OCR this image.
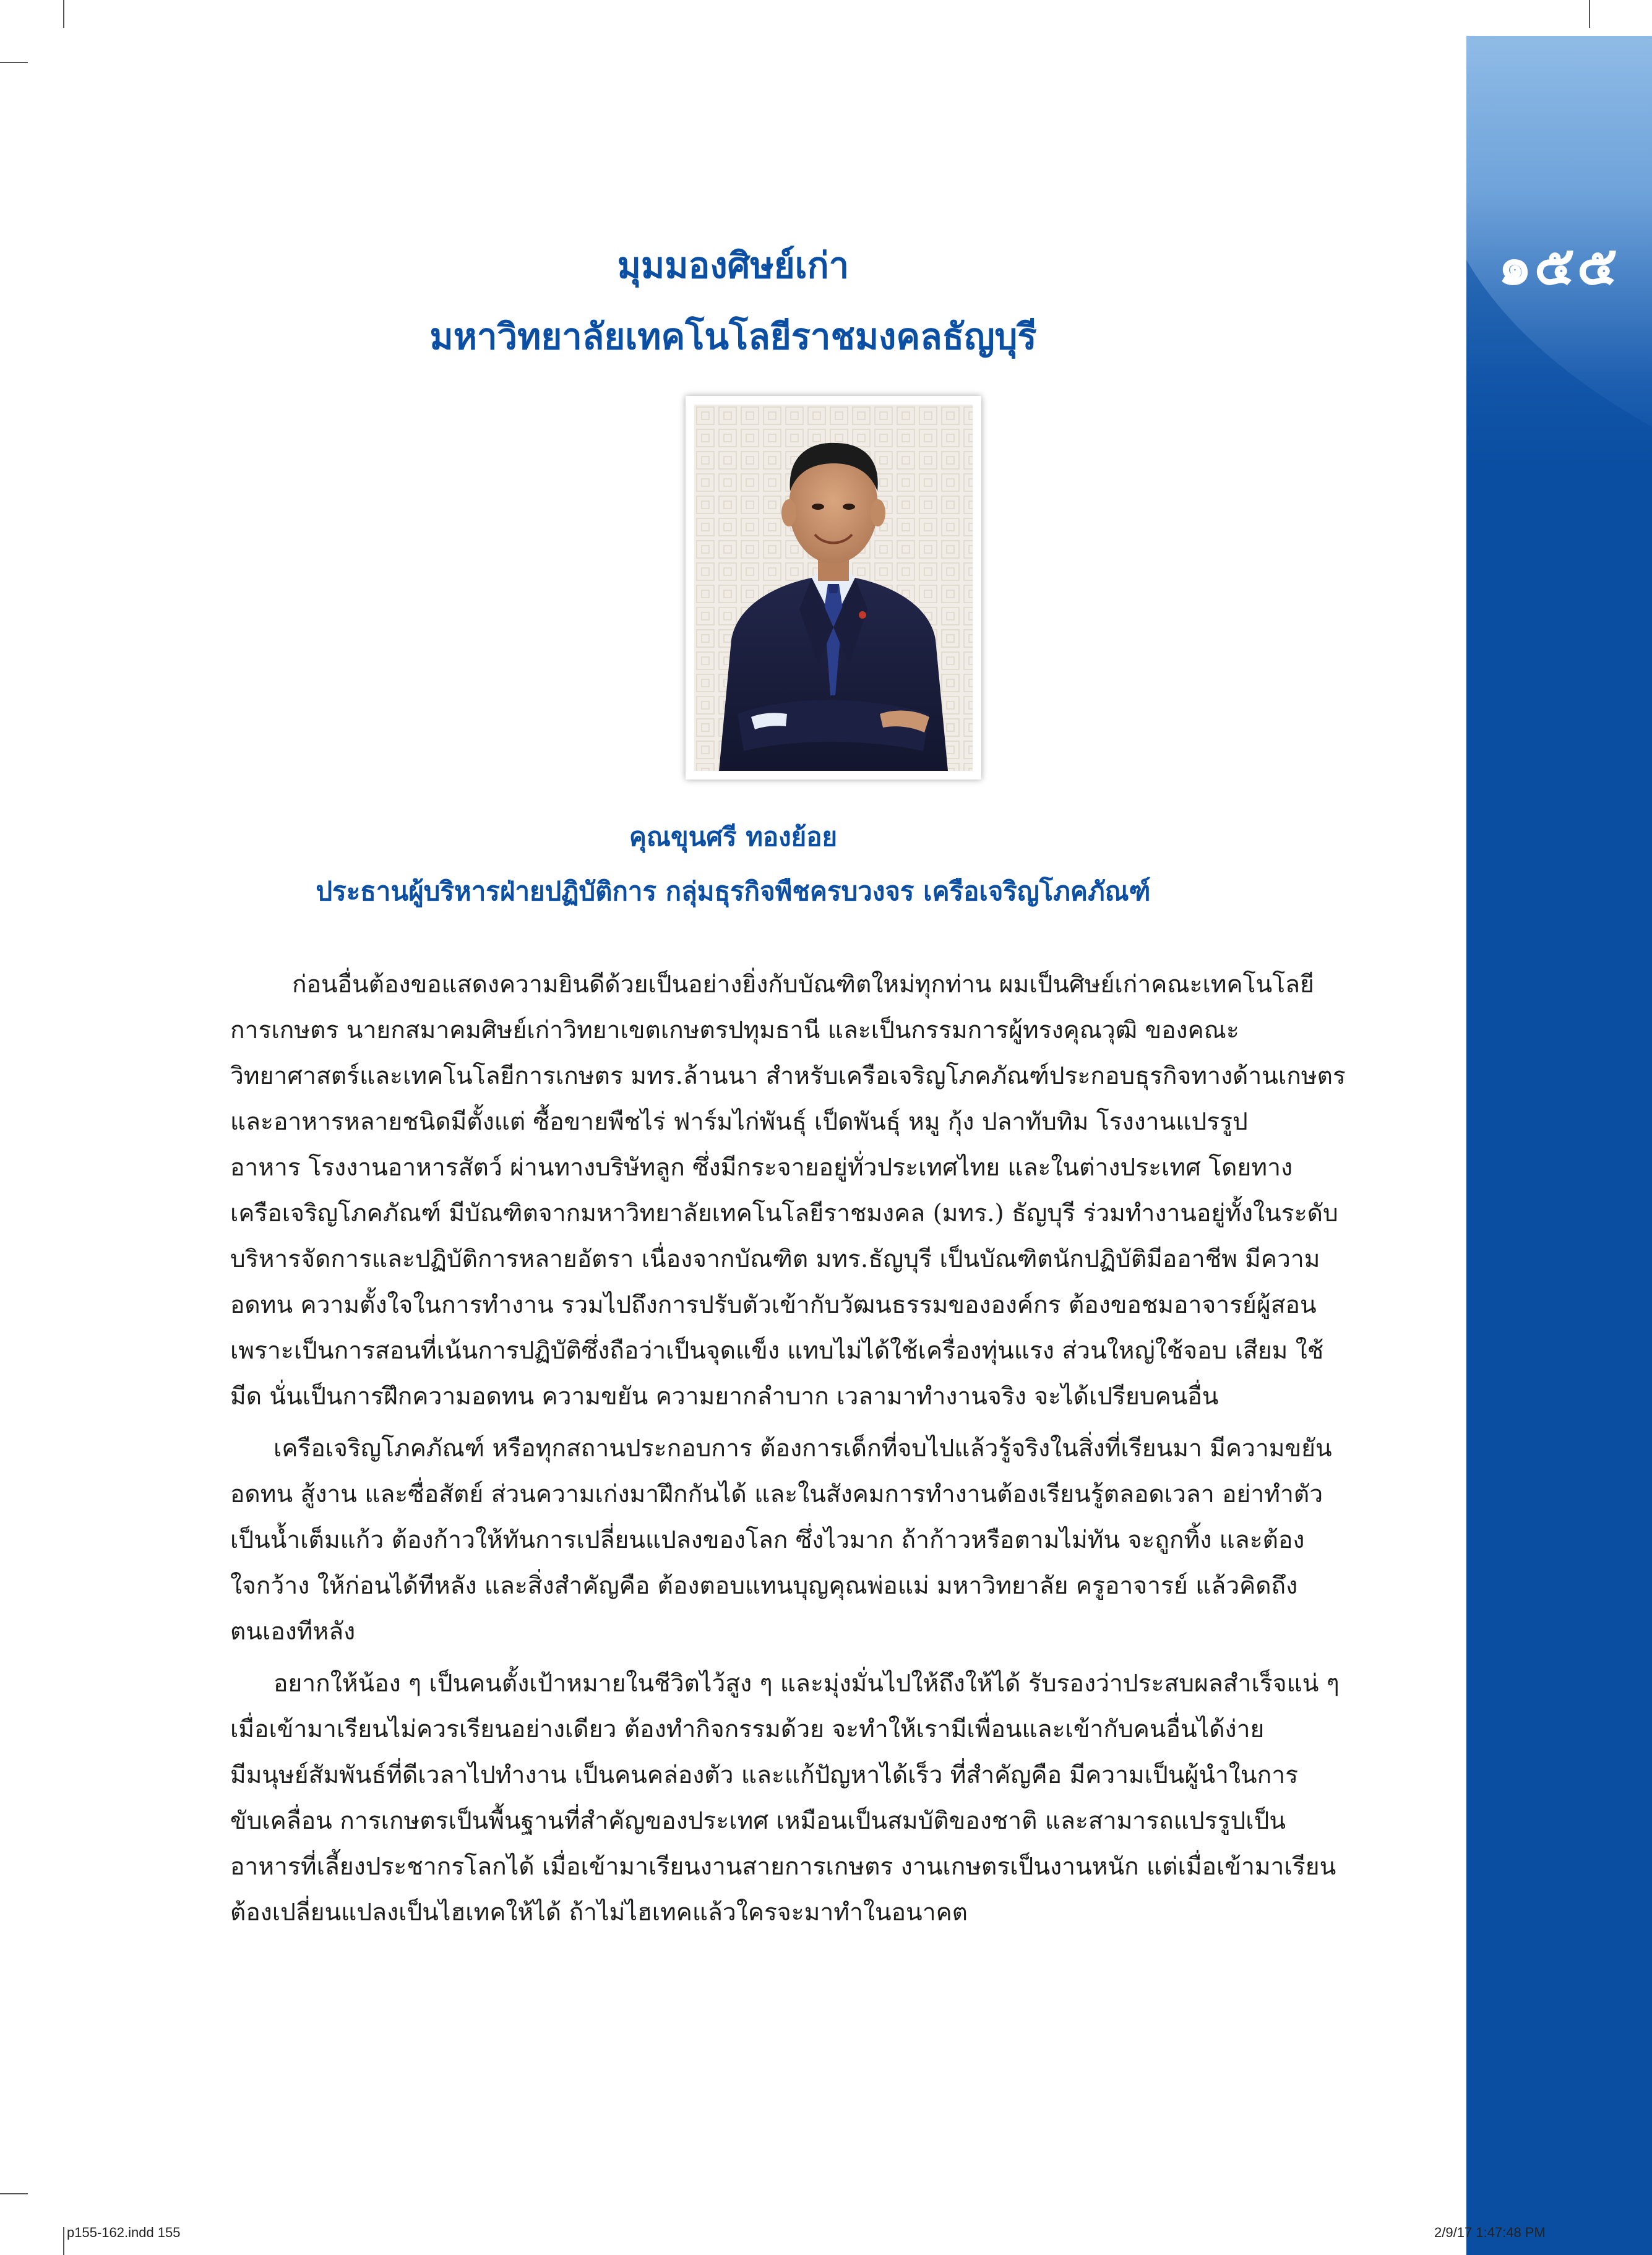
๑๕๕
มุมมองศิษย์เก่า
มหาวิทยาลัยเทคโนโลยีราชมงคลธัญบุรี
คุณขุนศรี ทองย้อย
ประธานผู้บริหารฝ่ายปฏิบัติการ กลุ่มธุรกิจพืชครบวงจร เครือเจริญโภคภัณฑ์
ก่อนอื่นต้องขอแสดงความยินดีด้วยเป็นอย่างยิ่งกับบัณฑิตใหม่ทุกท่าน ผมเป็นศิษย์เก่าคณะเทคโนโลยี
การเกษตร นายกสมาคมศิษย์เก่าวิทยาเขตเกษตรปทุมธานี และเป็นกรรมการผู้ทรงคุณวุฒิ ของคณะ
วิทยาศาสตร์และเทคโนโลยีการเกษตร มทร.ล้านนา สำหรับเครือเจริญโภคภัณฑ์ประกอบธุรกิจทางด้านเกษตร
และอาหารหลายชนิดมีตั้งแต่ ซื้อขายพืชไร่ ฟาร์มไก่พันธุ์ เป็ดพันธุ์ หมู กุ้ง ปลาทับทิม โรงงานแปรรูป
อาหาร โรงงานอาหารสัตว์ ผ่านทางบริษัทลูก ซึ่งมีกระจายอยู่ทั่วประเทศไทย และในต่างประเทศ โดยทาง
เครือเจริญโภคภัณฑ์ มีบัณฑิตจากมหาวิทยาลัยเทคโนโลยีราชมงคล (มทร.) ธัญบุรี ร่วมทำงานอยู่ทั้งในระดับ
บริหารจัดการและปฏิบัติการหลายอัตรา เนื่องจากบัณฑิต มทร.ธัญบุรี เป็นบัณฑิตนักปฏิบัติมีออาชีพ มีความ
อดทน ความตั้งใจในการทำงาน รวมไปถึงการปรับตัวเข้ากับวัฒนธรรมขององค์กร ต้องขอชมอาจารย์ผู้สอน
เพราะเป็นการสอนที่เน้นการปฏิบัติซึ่งถือว่าเป็นจุดแข็ง แทบไม่ได้ใช้เครื่องทุ่นแรง ส่วนใหญ่ใช้จอบ เสียม ใช้
มีด นั่นเป็นการฝึกความอดทน ความขยัน ความยากลำบาก เวลามาทำงานจริง จะได้เปรียบคนอื่น
เครือเจริญโภคภัณฑ์ หรือทุกสถานประกอบการ ต้องการเด็กที่จบไปแล้วรู้จริงในสิ่งที่เรียนมา มีความขยัน
อดทน สู้งาน และซื่อสัตย์ ส่วนความเก่งมาฝึกกันได้ และในสังคมการทำงานต้องเรียนรู้ตลอดเวลา อย่าทำตัว
เป็นน้ำเต็มแก้ว ต้องก้าวให้ทันการเปลี่ยนแปลงของโลก ซึ่งไวมาก ถ้าก้าวหรือตามไม่ทัน จะถูกทิ้ง และต้อง
ใจกว้าง ให้ก่อนได้ทีหลัง และสิ่งสำคัญคือ ต้องตอบแทนบุญคุณพ่อแม่ มหาวิทยาลัย ครูอาจารย์ แล้วคิดถึง
ตนเองทีหลัง
อยากให้น้อง ๆ เป็นคนตั้งเป้าหมายในชีวิตไว้สูง ๆ และมุ่งมั่นไปให้ถึงให้ได้ รับรองว่าประสบผลสำเร็จแน่ ๆ
เมื่อเข้ามาเรียนไม่ควรเรียนอย่างเดียว ต้องทำกิจกรรมด้วย จะทำให้เรามีเพื่อนและเข้ากับคนอื่นได้ง่าย
มีมนุษย์สัมพันธ์ที่ดีเวลาไปทำงาน เป็นคนคล่องตัว และแก้ปัญหาได้เร็ว ที่สำคัญคือ มีความเป็นผู้นำในการ
ขับเคลื่อน การเกษตรเป็นพื้นฐานที่สำคัญของประเทศ เหมือนเป็นสมบัติของชาติ และสามารถแปรรูปเป็น
อาหารที่เลี้ยงประชากรโลกได้ เมื่อเข้ามาเรียนงานสายการเกษตร งานเกษตรเป็นงานหนัก แต่เมื่อเข้ามาเรียน
ต้องเปลี่ยนแปลงเป็นไฮเทคให้ได้ ถ้าไม่ไฮเทคแล้วใครจะมาทำในอนาคต
p155-162.indd 155	2/9/17 1:47:48 PM
